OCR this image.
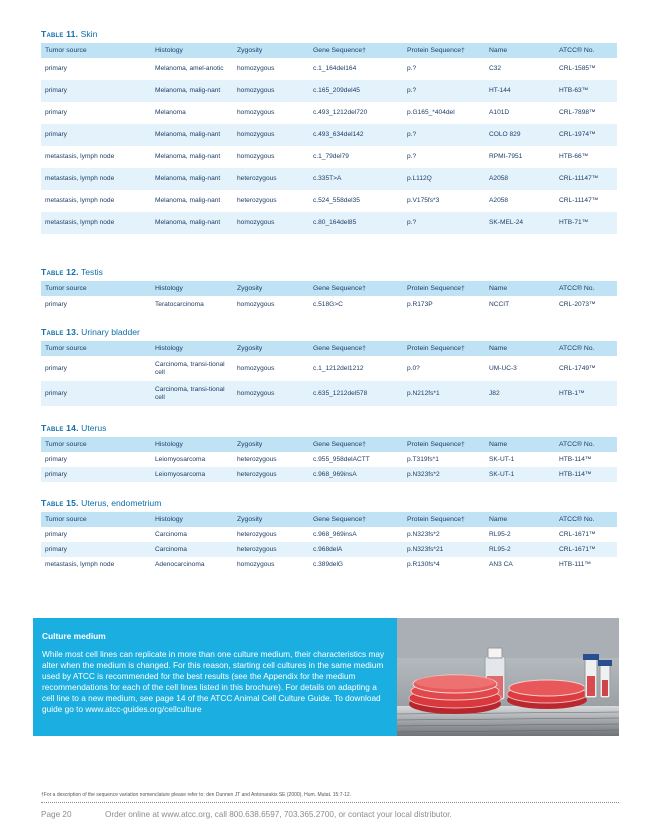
Table 11. Skin
Tumor source	Histology	Zygosity	Gene Sequence†	Protein Sequence†	Name	ATCC® No.
primary	Melanoma, amel-anotic	homozygous	c.1_164del164	p.?	C32	CRL-1585™
primary	Melanoma, malig-nant	homozygous	c.165_209del45	p.?	HT-144	HTB-63™
primary	Melanoma	homozygous	c.493_1212del720	p.G165_*404del	A101D	CRL-7898™
primary	Melanoma, malig-nant	homozygous	c.493_634del142	p.?	COLO 829	CRL-1974™
metastasis, lymph node	Melanoma, malig-nant	homozygous	c.1_79del79	p.?	RPMI-7951	HTB-66™
metastasis, lymph node	Melanoma, malig-nant	heterozygous	c.335T>A	p.L112Q	A2058	CRL-11147™
metastasis, lymph node	Melanoma, malig-nant	heterozygous	c.524_558del35	p.V175fs*3	A2058	CRL-11147™
metastasis, lymph node	Melanoma, malig-nant	homozygous	c.80_164del85	p.?	SK-MEL-24	HTB-71™
Table 12. Testis
Tumor source	Histology	Zygosity	Gene Sequence†	Protein Sequence†	Name	ATCC® No.
primary	Teratocarcinoma	homozygous	c.518G>C	p.R173P	NCCIT	CRL-2073™
Table 13. Urinary bladder
Tumor source	Histology	Zygosity	Gene Sequence†	Protein Sequence†	Name	ATCC® No.
primary	Carcinoma, transi-tional cell	homozygous	c.1_1212del1212	p.0?	UM-UC-3	CRL-1749™
primary	Carcinoma, transi-tional cell	homozygous	c.635_1212del578	p.N212fs*1	J82	HTB-1™
Table 14. Uterus
Tumor source	Histology	Zygosity	Gene Sequence†	Protein Sequence†	Name	ATCC® No.
primary	Leiomyosarcoma	heterozygous	c.955_958delACTT	p.T319fs*1	SK-UT-1	HTB-114™
primary	Leiomyosarcoma	heterozygous	c.968_969insA	p.N323fs*2	SK-UT-1	HTB-114™
Table 15. Uterus, endometrium
Tumor source	Histology	Zygosity	Gene Sequence†	Protein Sequence†	Name	ATCC® No.
primary	Carcinoma	heterozygous	c.968_969insA	p.N323fs*2	RL95-2	CRL-1671™
primary	Carcinoma	heterozygous	c.968delA	p.N323fs*21	RL95-2	CRL-1671™
metastasis, lymph node	Adenocarcinoma	homozygous	c.389delG	p.R130fs*4	AN3 CA	HTB-111™
Culture medium

While most cell lines can replicate in more than one culture medium, their characteristics may alter when the medium is changed. For this reason, starting cell cultures in the same medium used by ATCC is recommended for the best results (see the Appendix for the medium recommendations for each of the cell lines listed in this brochure). For details on adapting a cell line to a new medium, see page 14 of the ATCC Animal Cell Culture Guide. To download guide go to www.atcc-guides.org/cellculture

†For a description of the sequence variation nomenclature please refer to: den Dunnen JT and Antonarakis SE (2000), Hum. Mutat. 15:7-12.
Page 20	Order online at www.atcc.org, call 800.638.6597, 703.365.2700, or contact your local distributor.
